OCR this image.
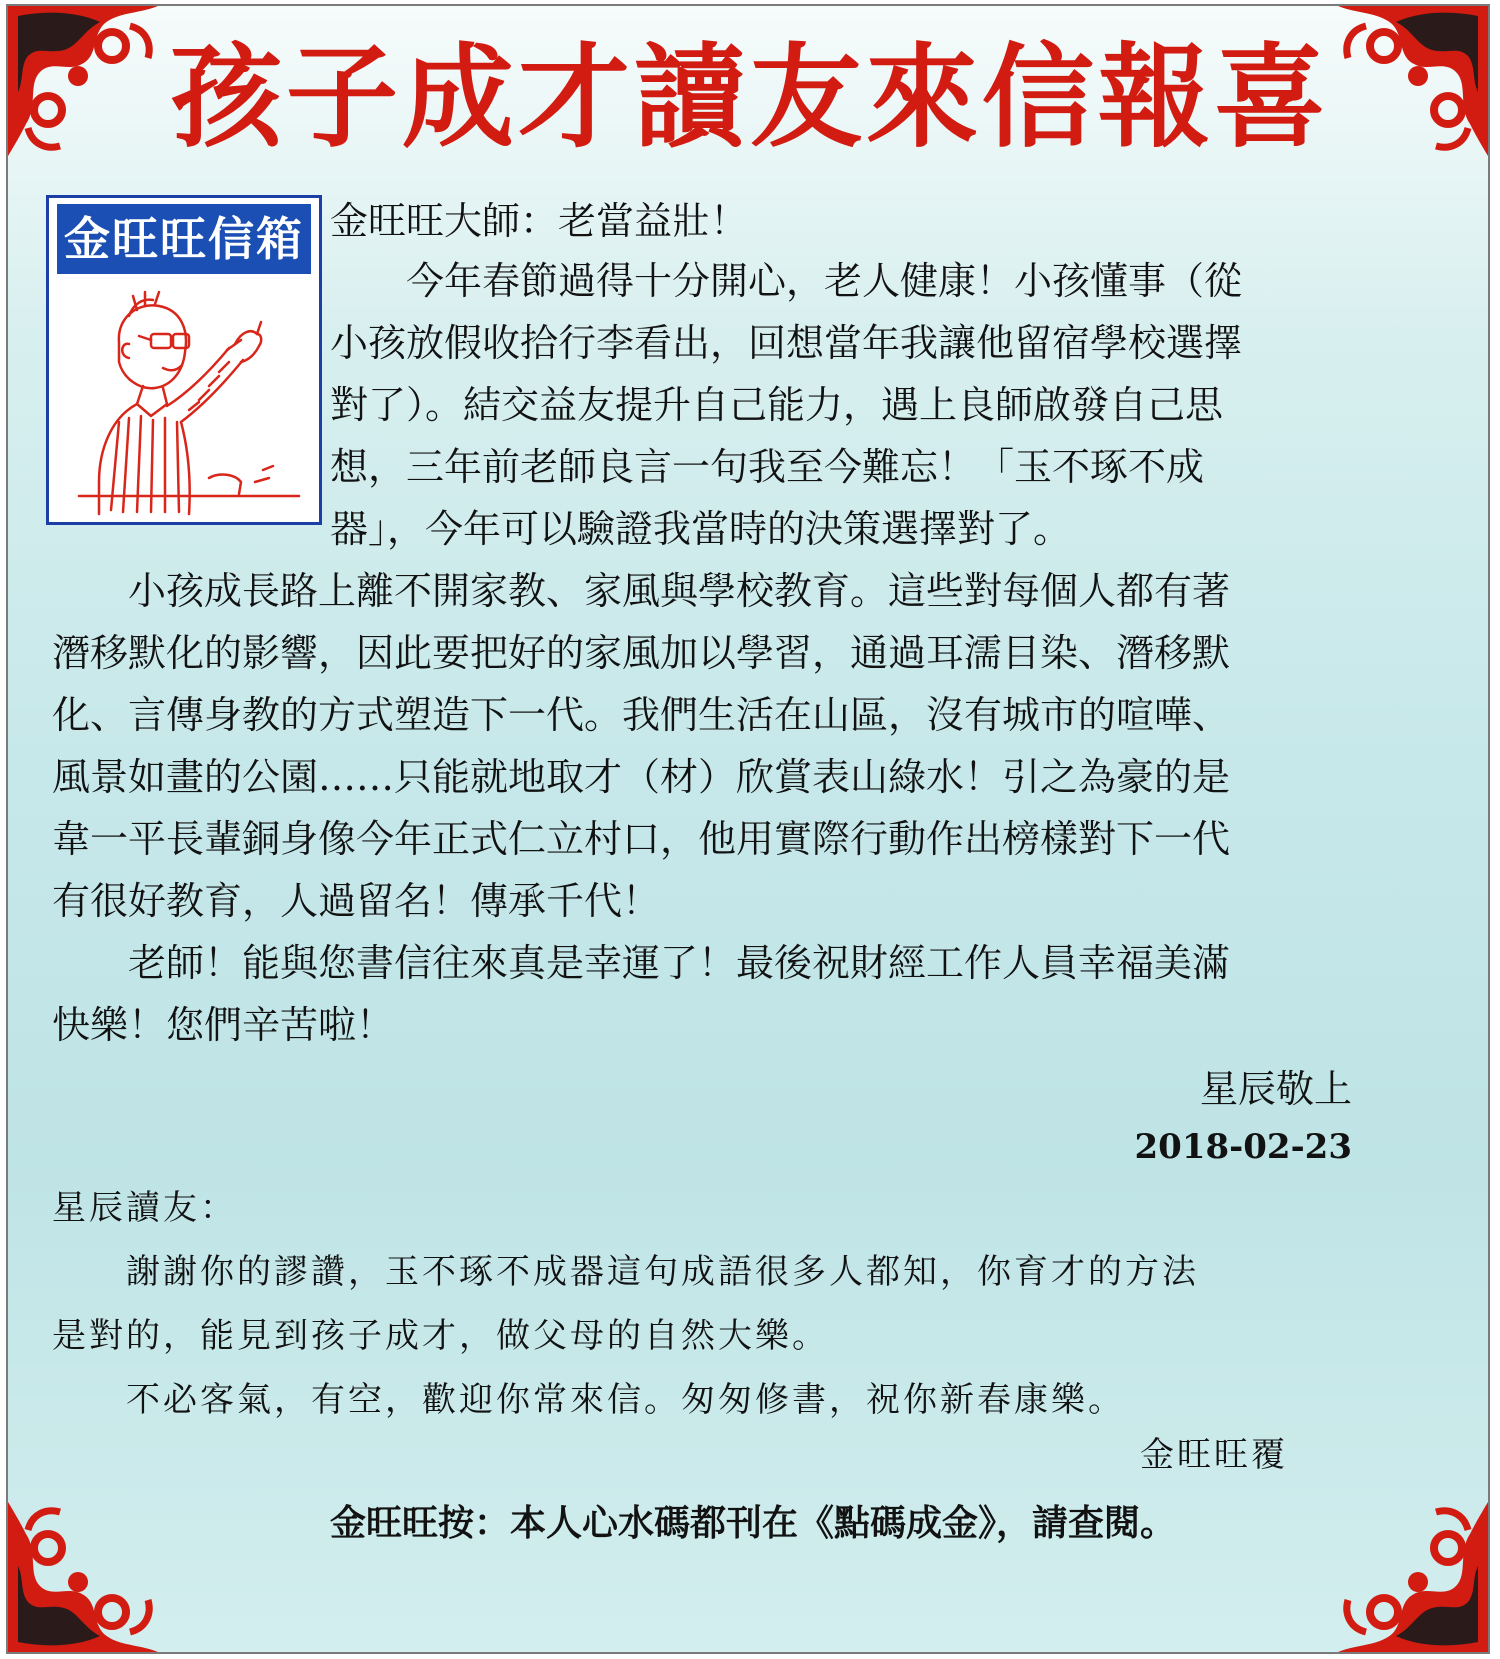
孩子成才讀友來信報喜
金旺旺信箱 金旺旺大師：老當益壯！

　　今年春節過得十分開心，老人健康！小孩懂事（從

小孩放假收拾行李看出，回想當年我讓他留宿學校選擇

對了）。結交益友提升自己能力，遇上良師啟發自己思

想，三年前老師良言一句我至今難忘！「玉不琢不成

器」，今年可以驗證我當時的決策選擇對了。

　　小孩成長路上離不開家教、家風與學校教育。這些對每個人都有著

潛移默化的影響，因此要把好的家風加以學習，通過耳濡目染、潛移默

化、言傳身教的方式塑造下一代。我們生活在山區，沒有城市的喧嘩、

風景如畫的公園……只能就地取才（材）欣賞表山綠水！引之為豪的是

韋一平長輩銅身像今年正式仁立村口，他用實際行動作出榜樣對下一代

有很好教育，人過留名！傳承千代！

　　老師！能與您書信往來真是幸運了！最後祝財經工作人員幸福美滿

快樂！您們辛苦啦！

星辰敬上

2018-02-23

星辰讀友：

　　謝謝你的謬讚，玉不琢不成器這句成語很多人都知，你育才的方法

是對的，能見到孩子成才，做父母的自然大樂。

　　不必客氣，有空，歡迎你常來信。匆匆修書，祝你新春康樂。

金旺旺覆

金旺旺按：本人心水碼都刊在《點碼成金》，請查閱。
